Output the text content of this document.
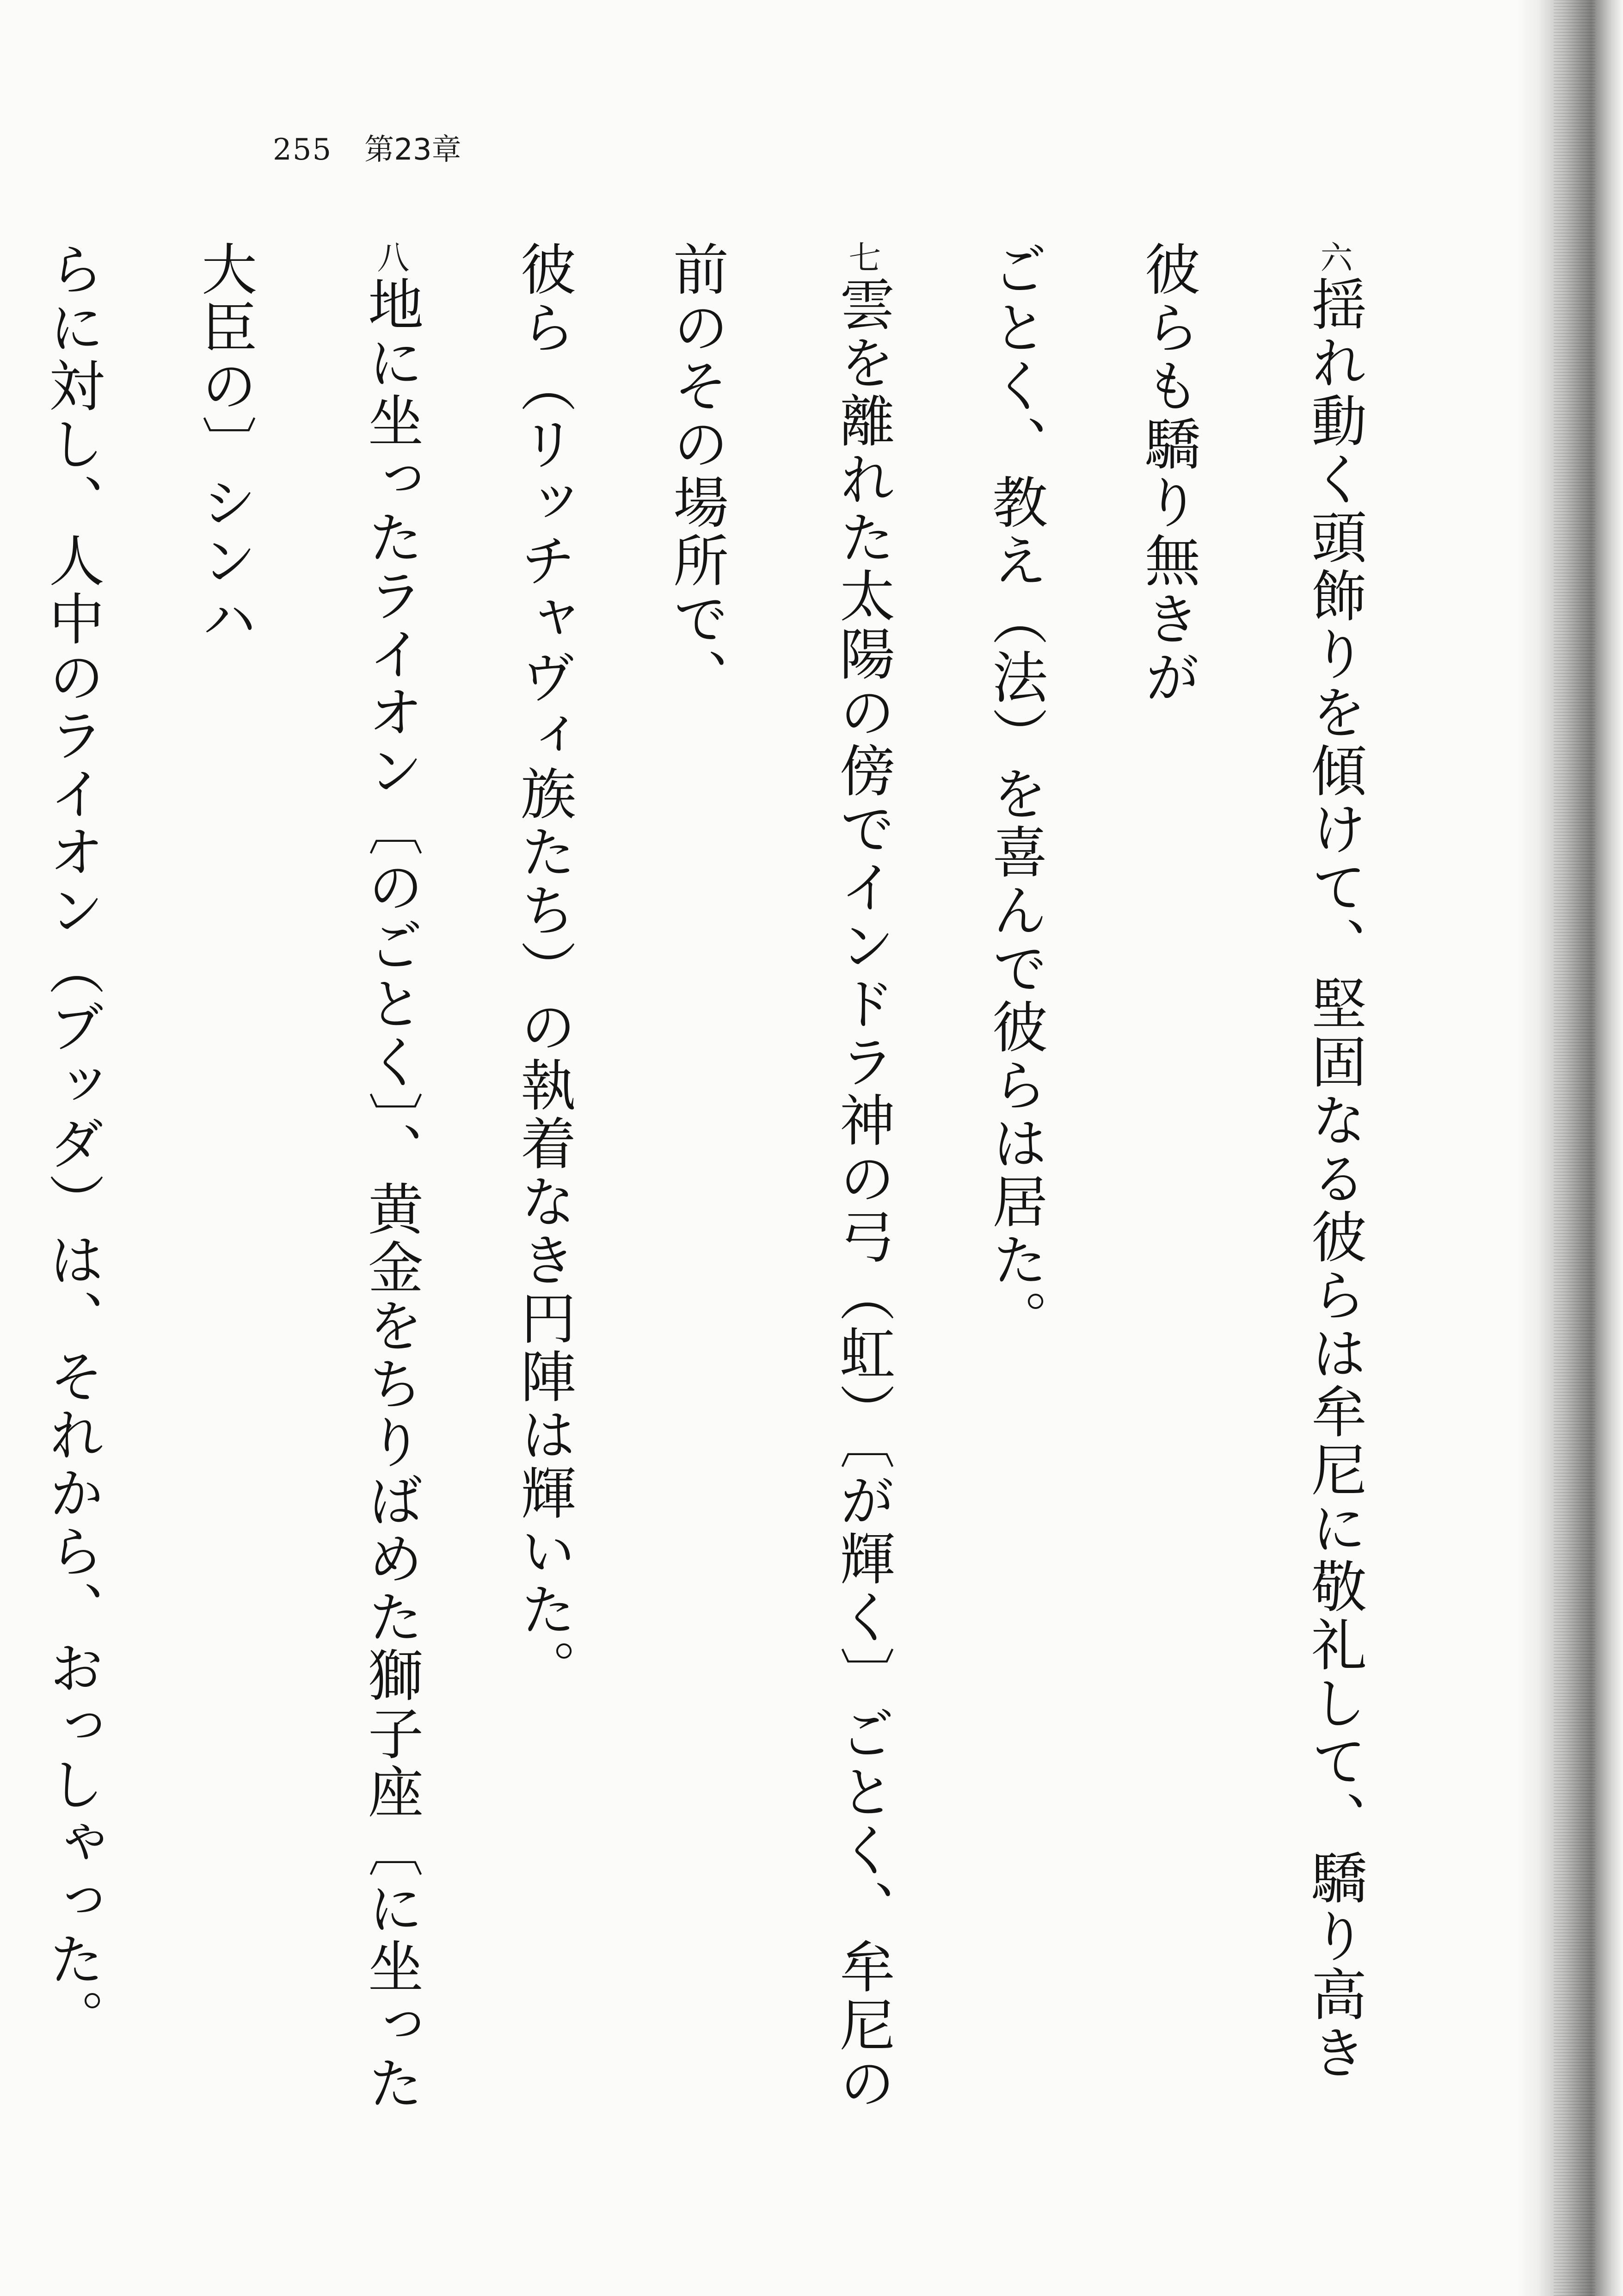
255 第23章
六揺れ動く頭飾りを傾けて、堅固なる彼らは牟尼に敬礼して、驕り高き彼らも驕り無きが
ごとく、教え（法）を喜んで彼らは居た。
七雲を離れた太陽の傍でインドラ神の弓（虹）〔が輝く〕ごとく、牟尼の前のその場所で、
彼ら（リッチャヴィ族たち）の執着なき円陣は輝いた。
八地に坐ったライオン〔のごとく〕、黄金をちりばめた獅子座〔に坐った大臣の〕シンハ
らに対し、人中のライオン（ブッダ）は、それから、おっしゃった。
